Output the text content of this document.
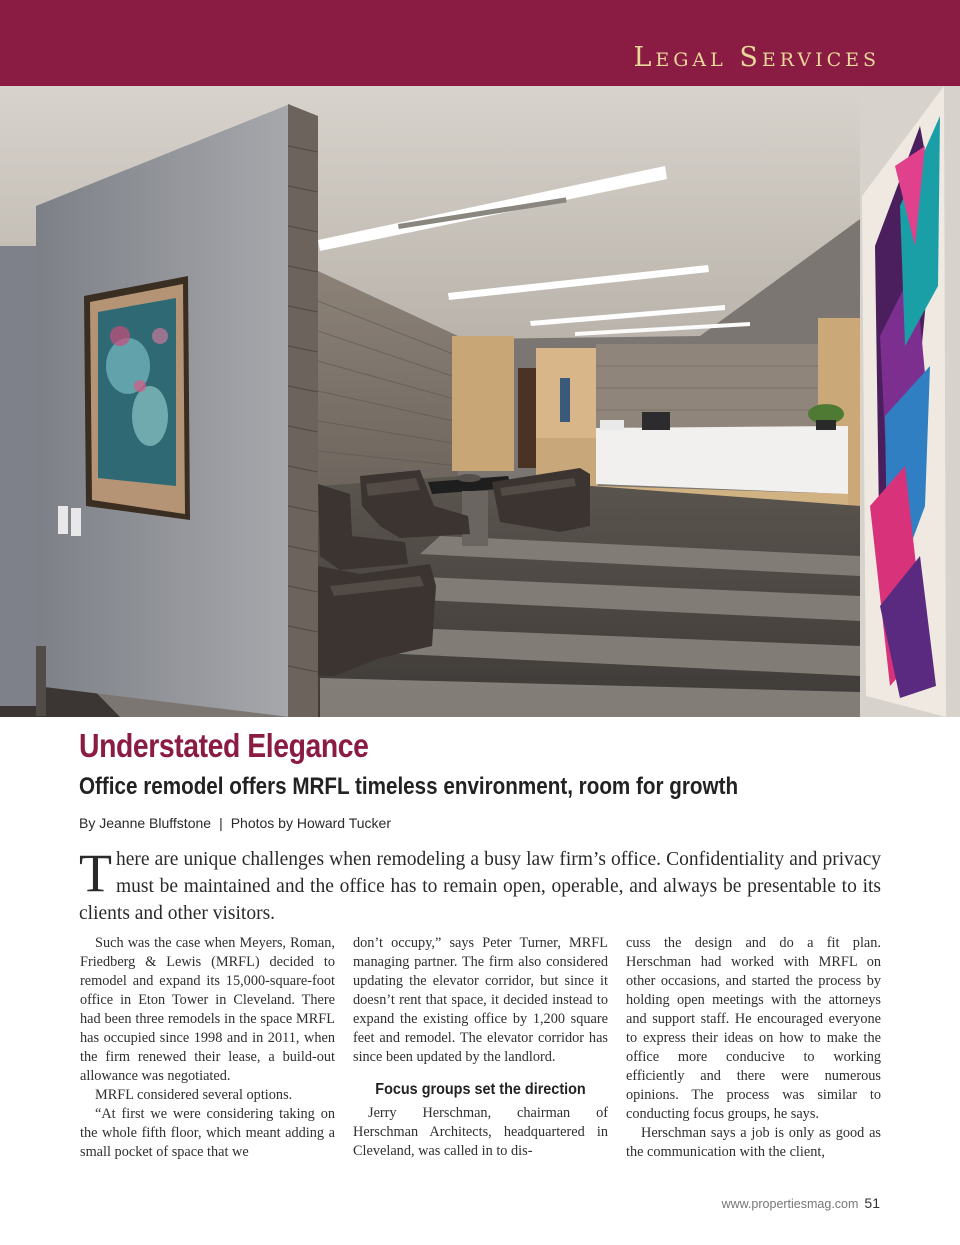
Legal Services
Understated Elegance
Office remodel offers MRFL timeless environment, room for growth
By Jeanne Bluffstone | Photos by Howard Tucker
There are unique challenges when remodeling a busy law firm’s office. Confidentiality and privacy must be maintained and the office has to remain open, operable, and always be presentable to its clients and other visitors.

Such was the case when Meyers, Roman, Friedberg & Lewis (MRFL) decided to remodel and expand its 15,000-square-foot office in Eton Tower in Cleveland. There had been three remodels in the space MRFL has occupied since 1998 and in 2011, when the firm renewed their lease, a build-out allowance was negotiated.

MRFL considered several options.

“At first we were considering taking on the whole fifth floor, which meant adding a small pocket of space that we

don’t occupy,” says Peter Turner, MRFL managing partner. The firm also considered updating the elevator corridor, but since it doesn’t rent that space, it decided instead to expand the existing office by 1,200 square feet and remodel. The elevator corridor has since been updated by the landlord.

Focus groups set the direction

Jerry Herschman, chairman of Herschman Architects, headquartered in Cleveland, was called in to dis-

cuss the design and do a fit plan. Herschman had worked with MRFL on other occasions, and started the process by holding open meetings with the attorneys and support staff. He encouraged everyone to express their ideas on how to make the office more conducive to working efficiently and there were numerous opinions. The process was similar to conducting focus groups, he says.

Herschman says a job is only as good as the communication with the client,

www.propertiesmag.com 51
